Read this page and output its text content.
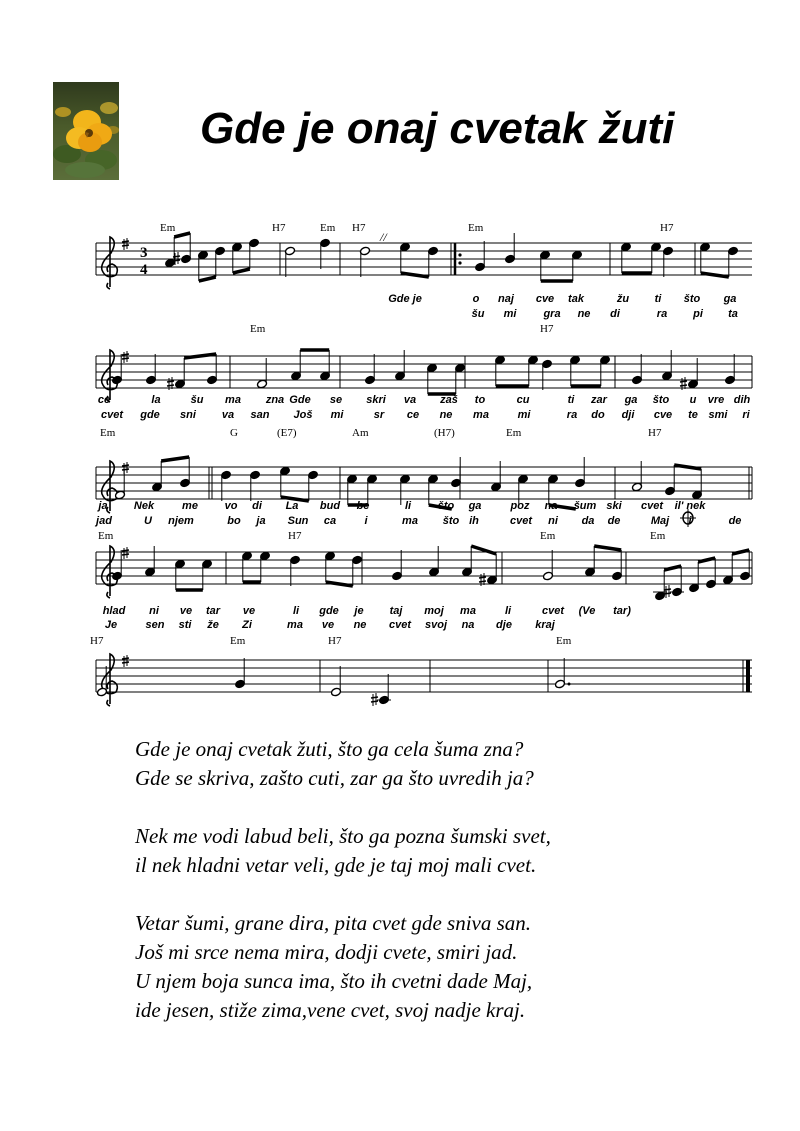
Gde je onaj cvetak žuti
3
4
//
Em	H7	Em H7	Em	H7
Gde je	o naj cve tak	žu ti što ga
šu mi gra ne di	ra pi ta
Em	H7
ce	la	šu ma zna Gde se skri va zaš to	cu	ti zar ga što u vre dih
cvet gde sni va san Još mi	sr ce ne ma	mi	ra do dji cve te smi ri
Em	G	(E7)	Am	(H7)	Em	H7
ja Nek	me vo di La bud be	li što ga	poz na šum ski cvet il' nek
jad	U njem	bo ja Sun ca	i	ma što ih	cvet ni da de	Maj i	de
Em	H7	Em	Em
hlad ni ve tar ve	li gde je taj moj ma	li	cvet (Ve tar)
Je	sen sti že Zi	ma ve ne cvet svoj na dje kraj
H7	Em	H7	Em
Gde je onaj cvetak žuti, što ga cela šuma zna?
Gde se skriva, zašto cuti, zar ga što uvredih ja?
Nek me vodi labud beli, što ga pozna šumski svet,
il nek hladni vetar veli, gde je taj moj mali cvet.
Vetar šumi, grane dira, pita cvet gde sniva san.
Još mi srce nema mira, dodji cvete, smiri jad.
U njem boja sunca ima, što ih cvetni dade Maj,
ide jesen, stiže zima,vene cvet, svoj nadje kraj.
